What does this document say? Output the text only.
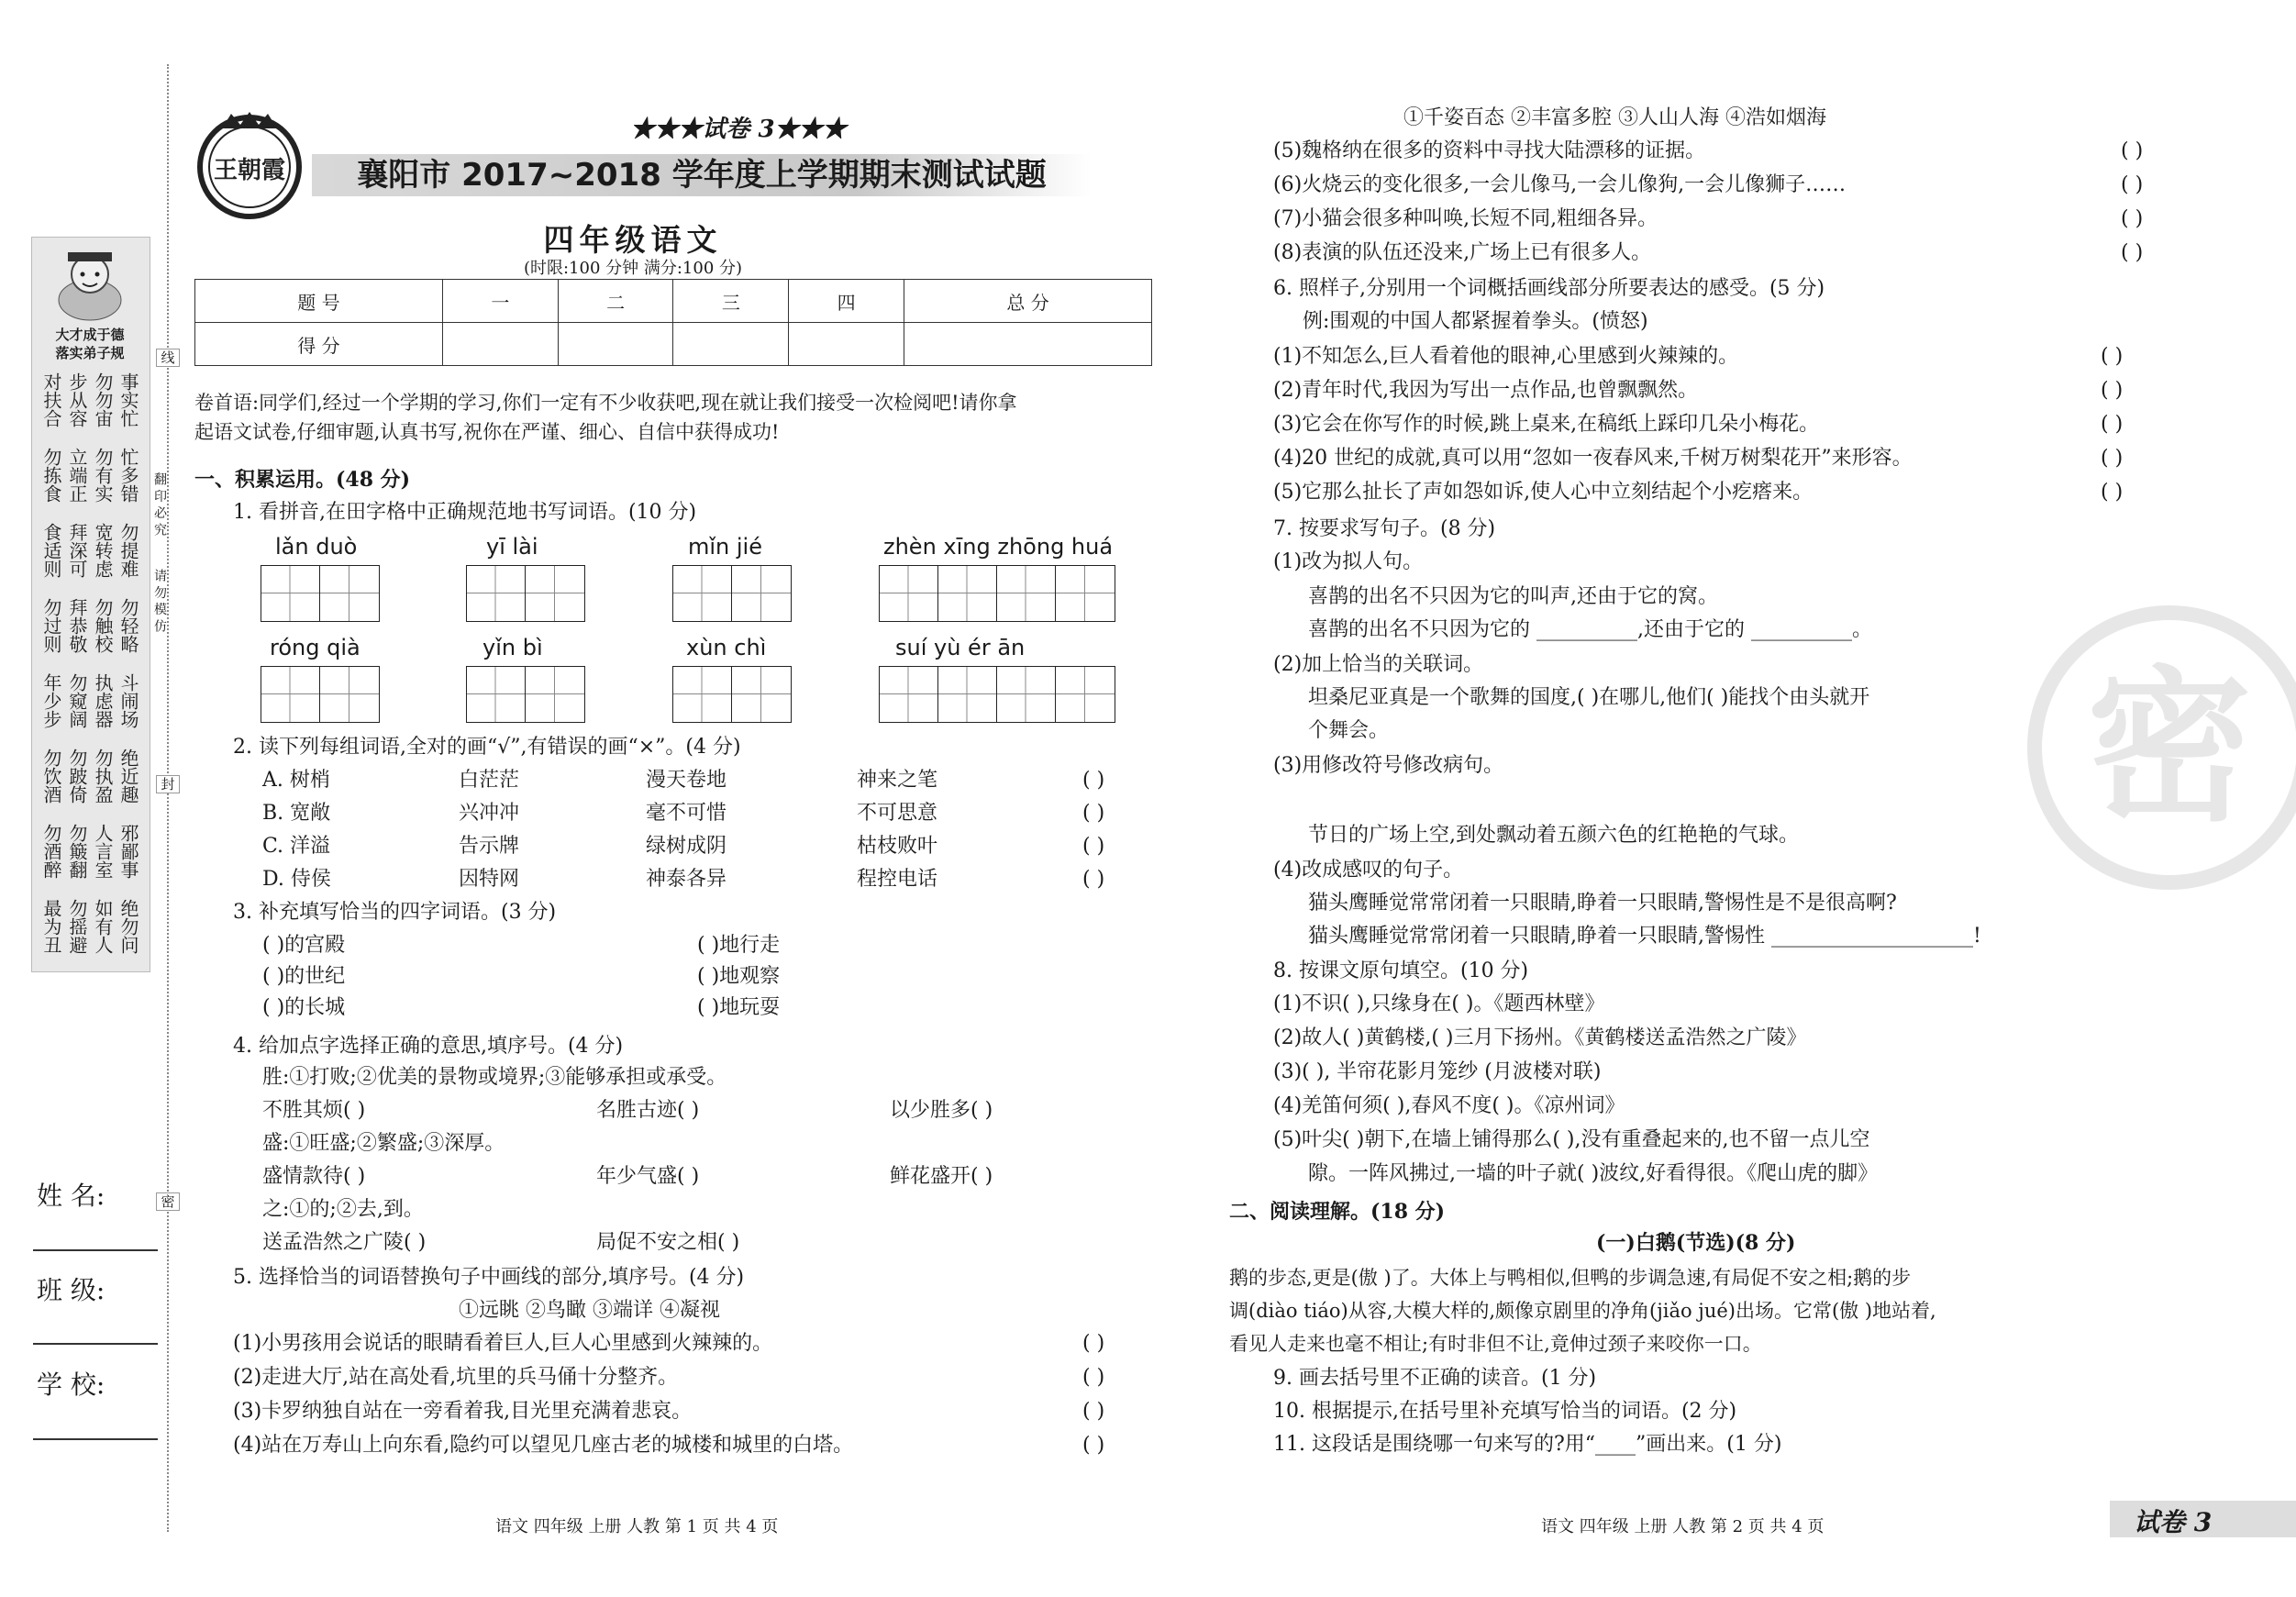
大才成于德
落实弟子规	线
封
密
翻 印 必 究
请 勿 模 仿
姓 名:
班 级:
学 校:
王朝霞
★★★试卷 3★★★
襄阳市 2017~2018 学年度上学期期末测试试题
四年级语文
(时限:100 分钟 满分:100 分)
题 号	一	二	三	四	总 分
得 分					
卷首语:同学们,经过一个学期的学习,你们一定有不少收获吧,现在就让我们接受一次检阅吧!请你拿
起语文试卷,仔细审题,认真书写,祝你在严谨、细心、自信中获得成功!
一、积累运用。(48 分)
1. 看拼音,在田字格中正确规范地书写词语。(10 分)
lǎn duò	yī lài	mǐn jié	zhèn xīng zhōng huá
róng qià	yǐn bì	xùn chì	suí yù ér ān
2. 读下列每组词语,全对的画“√”,有错误的画“×”。(4 分)
3. 补充填写恰当的四字词语。(3 分)
4. 给加点字选择正确的意思,填序号。(4 分)
5. 选择恰当的词语替换句子中画线的部分,填序号。(4 分)
①远眺 ②鸟瞰 ③端详 ④凝视
语文 四年级 上册 人教 第 1 页 共 4 页
①千姿百态 ②丰富多腔 ③人山人海 ④浩如烟海
6. 照样子,分别用一个词概括画线部分所要表达的感受。(5 分)
例:围观的中国人都紧握着拳头。(愤怒)
7. 按要求写句子。(8 分)
8. 按课文原句填空。(10 分)
二、阅读理解。(18 分)
(一)白鹅(节选)(8 分)
语文 四年级 上册 人教 第 2 页 共 4 页	试卷 3
密
事实忙
勿勿宙
步从容
对扶合
忙多错
勿有实
立端正
勿拣食
勿提难
宽转虑
拜深可
食适则
勿轻略
勿触校
拜恭敬
勿过则
斗闹场
执虑器
勿窥阔
年少步
绝近趣
勿执盈
勿跛倚
勿饮酒
邪鄙事
人言室
勿簸翻
勿酒醉
绝勿问
如有人
勿摇避
最为丑
A. 树梢	白茫茫	漫天卷地	神来之笔	( )
B. 宽敞	兴冲冲	毫不可惜	不可思意	( )
C. 洋溢	告示牌	绿树成阴	枯枝败叶	( )
D. 侍侯	因特网	神泰各异	程控电话	( )
( )的宫殿	( )地行走
( )的世纪	( )地观察
( )的长城	( )地玩耍
胜:①打败;②优美的景物或境界;③能够承担或承受。
不胜其烦( )	名胜古迹( )	以少胜多( )
盛:①旺盛;②繁盛;③深厚。
盛情款待( )	年少气盛( )	鲜花盛开( )
之:①的;②去,到。
送孟浩然之广陵( )	局促不安之相( )
(1)小男孩用会说话的眼睛看着巨人,巨人心里感到火辣辣的。	( )
(2)走进大厅,站在高处看,坑里的兵马俑十分整齐。	( )
(3)卡罗纳独自站在一旁看着我,目光里充满着悲哀。	( )
(4)站在万寿山上向东看,隐约可以望见几座古老的城楼和城里的白塔。	( )
(5)魏格纳在很多的资料中寻找大陆漂移的证据。	( )
(6)火烧云的变化很多,一会儿像马,一会儿像狗,一会儿像狮子……	( )
(7)小猫会很多种叫唤,长短不同,粗细各异。	( )
(8)表演的队伍还没来,广场上已有很多人。	( )
(1)不知怎么,巨人看着他的眼神,心里感到火辣辣的。	( )
(2)青年时代,我因为写出一点作品,也曾飘飘然。	( )
(3)它会在你写作的时候,跳上桌来,在稿纸上踩印几朵小梅花。	( )
(4)20 世纪的成就,真可以用“忽如一夜春风来,千树万树梨花开”来形容。	( )
(5)它那么扯长了声如怨如诉,使人心中立刻结起个小疙瘩来。	( )
(1)改为拟人句。
喜鹊的出名不只因为它的叫声,还由于它的窝。
喜鹊的出名不只因为它的 __________,还由于它的 __________。
(2)加上恰当的关联词。
坦桑尼亚真是一个歌舞的国度,( )在哪儿,他们( )能找个由头就开
个舞会。
(3)用修改符号修改病句。
节日的广场上空,到处飘动着五颜六色的红艳艳的气球。
(4)改成感叹的句子。
猫头鹰睡觉常常闭着一只眼睛,睁着一只眼睛,警惕性是不是很高啊?
猫头鹰睡觉常常闭着一只眼睛,睁着一只眼睛,警惕性 ____________________!
(1)不识( ),只缘身在( )。《题西林壁》
(2)故人( )黄鹤楼,( )三月下扬州。《黄鹤楼送孟浩然之广陵》
(3)( ), 半帘花影月笼纱 (月波楼对联)
(4)羌笛何须( ),春风不度( )。《凉州词》
(5)叶尖( )朝下,在墙上铺得那么( ),没有重叠起来的,也不留一点儿空
隙。一阵风拂过,一墙的叶子就( )波纹,好看得很。《爬山虎的脚》
鹅的步态,更是(傲 )了。大体上与鸭相似,但鸭的步调急速,有局促不安之相;鹅的步
调(diào tiáo)从容,大模大样的,颇像京剧里的净角(jiǎo jué)出场。它常(傲 )地站着,
看见人走来也毫不相让;有时非但不让,竟伸过颈子来咬你一口。
9. 画去括号里不正确的读音。(1 分)
10. 根据提示,在括号里补充填写恰当的词语。(2 分)
11. 这段话是围绕哪一句来写的?用“____”画出来。(1 分)
